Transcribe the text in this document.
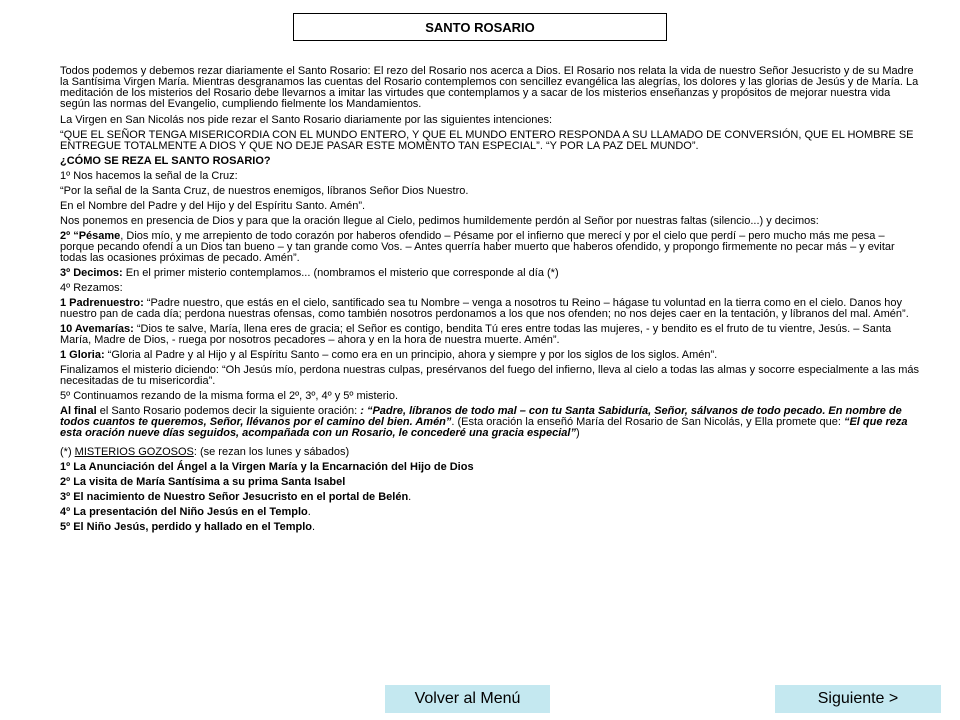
SANTO ROSARIO

Todos podemos y debemos rezar diariamente el Santo Rosario: El rezo del Rosario nos acerca a Dios. El Rosario nos relata la vida de nuestro Señor Jesucristo y de su Madre la Santísima Virgen María. Mientras desgranamos las cuentas del Rosario contemplemos con sencillez evangélica las alegrías, los dolores y las glorias de Jesús y de María. La meditación de los misterios del Rosario debe llevarnos a imitar las virtudes que contemplamos y a sacar de los misterios enseñanzas y propósitos de mejorar nuestra vida según las normas del Evangelio, cumpliendo fielmente los Mandamientos.

La Virgen en San Nicolás nos pide rezar el Santo Rosario diariamente por las siguientes intenciones:

“QUE EL SEÑOR TENGA MISERICORDIA CON EL MUNDO ENTERO, Y QUE EL MUNDO ENTERO RESPONDA A SU LLAMADO DE CONVERSIÓN, QUE EL HOMBRE SE ENTREGUE TOTALMENTE A DIOS Y QUE NO DEJE PASAR ESTE MOMENTO TAN ESPECIAL”. “Y POR LA PAZ DEL MUNDO”.

¿CÓMO SE REZA EL SANTO ROSARIO?

1º Nos hacemos la señal de la Cruz:

“Por la señal de la Santa Cruz, de nuestros enemigos, líbranos Señor Dios Nuestro.

En el Nombre del Padre y del Hijo y del Espíritu Santo. Amén”.

Nos ponemos en presencia de Dios y para que la oración llegue al Cielo, pedimos humildemente perdón al Señor por nuestras faltas (silencio...) y decimos:

2º “Pésame, Dios mío, y me arrepiento de todo corazón por haberos ofendido – Pésame por el infierno que merecí y por el cielo que perdí – pero mucho más me pesa – porque pecando ofendí a un Dios tan bueno – y tan grande como Vos. – Antes querría haber muerto que haberos ofendido, y propongo firmemente no pecar más – y evitar todas las ocasiones próximas de pecado. Amén”.

3º Decimos: En el primer misterio contemplamos... (nombramos el misterio que corresponde al día (*)

4º Rezamos:

1 Padrenuestro: “Padre nuestro, que estás en el cielo, santificado sea tu Nombre – venga a nosotros tu Reino – hágase tu voluntad en la tierra como en el cielo. Danos hoy nuestro pan de cada día; perdona nuestras ofensas, como también nosotros perdonamos a los que nos ofenden; no nos dejes caer en la tentación, y líbranos del mal. Amén”.

10 Avemarías: “Dios te salve, María, llena eres de gracia; el Señor es contigo, bendita Tú eres entre todas las mujeres, - y bendito es el fruto de tu vientre, Jesús. – Santa María, Madre de Dios, - ruega por nosotros pecadores – ahora y en la hora de nuestra muerte. Amén”.

1 Gloria: “Gloria al Padre y al Hijo y al Espíritu Santo – como era en un principio, ahora y siempre y por los siglos de los siglos. Amén”.

Finalizamos el misterio diciendo: “Oh Jesús mío, perdona nuestras culpas, presérvanos del fuego del infierno, lleva al cielo a todas las almas y socorre especialmente a las más necesitadas de tu misericordia”.

5º Continuamos rezando de la misma forma el 2º, 3º, 4º y 5º misterio.

Al final el Santo Rosario podemos decir la siguiente oración: : “Padre, líbranos de todo mal – con tu Santa Sabiduría, Señor, sálvanos de todo pecado. En nombre de todos cuantos te queremos, Señor, llévanos por el camino del bien. Amén”. (Esta oración la enseñó María del Rosario de San Nicolás, y Ella promete que: “El que reza esta oración nueve días seguidos, acompañada con un Rosario, le concederé una gracia especial”)

(*) MISTERIOS GOZOSOS: (se rezan los lunes y sábados)

1º La Anunciación del Ángel a la Virgen María y la Encarnación del Hijo de Dios

2º La visita de María Santísima a su prima Santa Isabel

3º El nacimiento de Nuestro Señor Jesucristo en el portal de Belén.

4º La presentación del Niño Jesús en el Templo.

5º El Niño Jesús, perdido y hallado en el Templo.

Volver al Menú	Siguiente >
